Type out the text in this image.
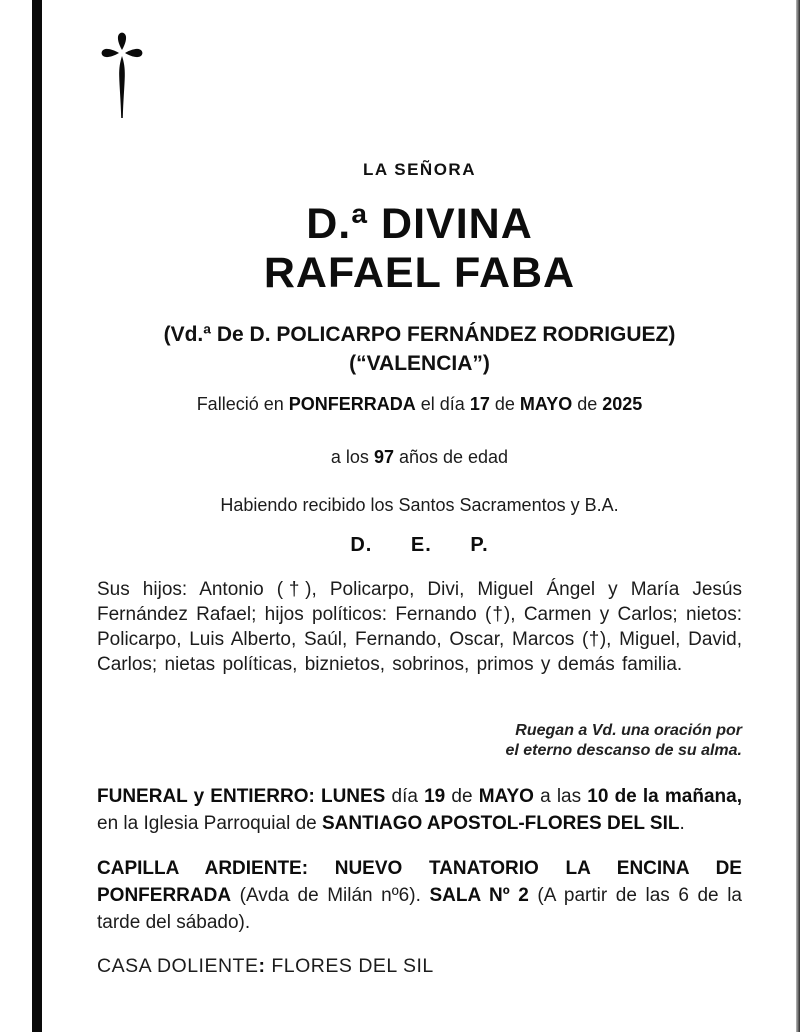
LA SEÑORA

D.ª DIVINA
RAFAEL FABA

(Vd.ª De D. POLICARPO FERNÁNDEZ RODRIGUEZ)
(“VALENCIA”)

Falleció en PONFERRADA el día 17 de MAYO de 2025

a los 97 años de edad

Habiendo recibido los Santos Sacramentos y B.A.

D. E. P.

Sus hijos: Antonio (†), Policarpo, Divi, Miguel Ángel y María Jesús Fernández Rafael; hijos políticos: Fernando (†), Carmen y Carlos; nietos: Policarpo, Luis Alberto, Saúl, Fernando, Oscar, Marcos (†), Miguel, David, Carlos; nietas políticas, biznietos, sobrinos, primos y demás familia.

Ruegan a Vd. una oración por
el eterno descanso de su alma.

FUNERAL y ENTIERRO: LUNES día 19 de MAYO a las 10 de la mañana, en la Iglesia Parroquial de SANTIAGO APOSTOL-FLORES DEL SIL.

CAPILLA ARDIENTE: NUEVO TANATORIO LA ENCINA DE PONFERRADA (Avda de Milán nº6). SALA Nº 2 (A partir de las 6 de la tarde del sábado).

CASA DOLIENTE: FLORES DEL SIL
